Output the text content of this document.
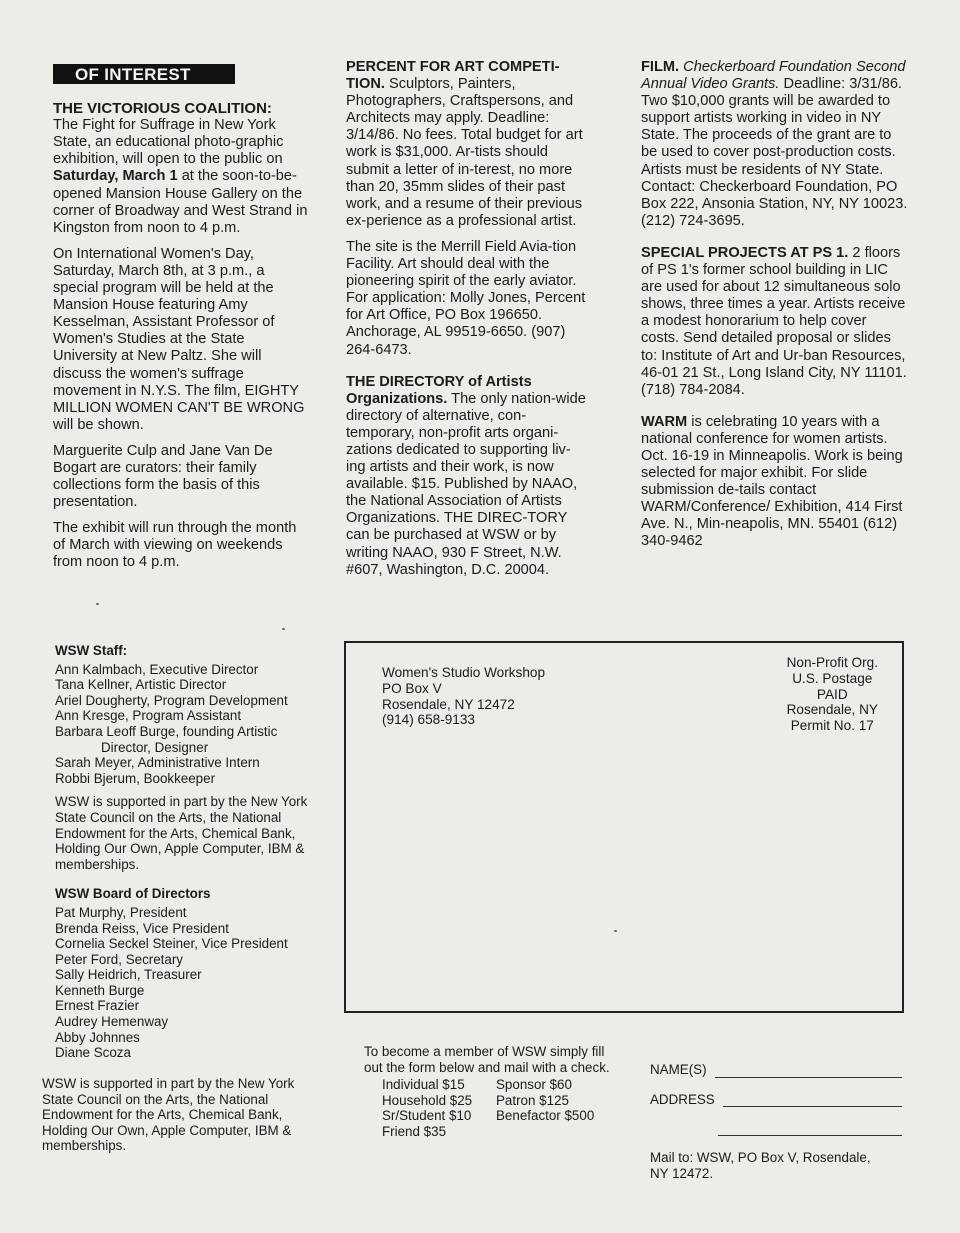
OF INTEREST
THE VICTORIOUS COALITION:

The Fight for Suffrage in New York State, an educational photo-graphic exhibition, will open to the public on Saturday, March 1 at the soon-to-be-opened Mansion House Gallery on the corner of Broadway and West Strand in Kingston from noon to 4 p.m.

On International Women's Day, Saturday, March 8th, at 3 p.m., a special program will be held at the Mansion House featuring Amy Kesselman, Assistant Professor of Women's Studies at the State University at New Paltz. She will discuss the women's suffrage movement in N.Y.S. The film, EIGHTY MILLION WOMEN CAN'T BE WRONG will be shown.

Marguerite Culp and Jane Van De Bogart are curators: their family collections form the basis of this presentation.

The exhibit will run through the month of March with viewing on weekends from noon to 4 p.m.

WSW Staff:
Ann Kalmbach, Executive Director
Tana Kellner, Artistic Director
Ariel Dougherty, Program Development
Ann Kresge, Program Assistant
Barbara Leoff Burge, founding Artistic
Director, Designer
Sarah Meyer, Administrative Intern
Robbi Bjerum, Bookkeeper

WSW is supported in part by the New York State Council on the Arts, the National Endowment for the Arts, Chemical Bank, Holding Our Own, Apple Computer, IBM & memberships.

WSW Board of Directors
Pat Murphy, President
Brenda Reiss, Vice President
Cornelia Seckel Steiner, Vice President
Peter Ford, Secretary
Sally Heidrich, Treasurer
Kenneth Burge
Ernest Frazier
Audrey Hemenway
Abby Johnnes
Diane Scoza

WSW is supported in part by the New York State Council on the Arts, the National Endowment for the Arts, Chemical Bank, Holding Our Own, Apple Computer, IBM & memberships.

PERCENT FOR ART COMPETI-TION. Sculptors, Painters, Photographers, Craftspersons, and Architects may apply. Deadline: 3/14/86. No fees. Total budget for art work is $31,000. Ar-tists should submit a letter of in-terest, no more than 20, 35mm slides of their past work, and a resume of their previous ex-perience as a professional artist.

The site is the Merrill Field Avia-tion Facility. Art should deal with the pioneering spirit of the early aviator. For application: Molly Jones, Percent for Art Office, PO Box 196650. Anchorage, AL 99519-6650. (907) 264-6473.

THE DIRECTORY of Artists Organizations. The only nation-wide directory of alternative, con-temporary, non-profit arts organi-zations dedicated to supporting liv-ing artists and their work, is now available. $15. Published by NAAO, the National Association of Artists Organizations. THE DIREC-TORY can be purchased at WSW or by writing NAAO, 930 F Street, N.W. #607, Washington, D.C. 20004.

FILM. Checkerboard Foundation Second Annual Video Grants. Deadline: 3/31/86. Two $10,000 grants will be awarded to support artists working in video in NY State. The proceeds of the grant are to be used to cover post-production costs. Artists must be residents of NY State. Contact: Checkerboard Foundation, PO Box 222, Ansonia Station, NY, NY 10023. (212) 724-3695.

SPECIAL PROJECTS AT PS 1. 2 floors of PS 1's former school building in LIC are used for about 12 simultaneous solo shows, three times a year. Artists receive a modest honorarium to help cover costs. Send detailed proposal or slides to: Institute of Art and Ur-ban Resources, 46-01 21 St., Long Island City, NY 11101. (718) 784-2084.

WARM is celebrating 10 years with a national conference for women artists. Oct. 16-19 in Minneapolis. Work is being selected for major exhibit. For slide submission de-tails contact WARM/Conference/ Exhibition, 414 First Ave. N., Min-neapolis, MN. 55401 (612) 340-9462

Women's Studio Workshop
PO Box V
Rosendale, NY 12472
(914) 658-9133
Non-Profit Org.
U.S. Postage
PAID
Rosendale, NY
Permit No. 17

To become a member of WSW simply fill out the form below and mail with a check.

Individual $15	Sponsor $60
Household $25	Patron $125
Sr/Student $10	Benefactor $500
Friend $35
NAME(S)
ADDRESS
Mail to: WSW, PO Box V, Rosendale, NY 12472.
